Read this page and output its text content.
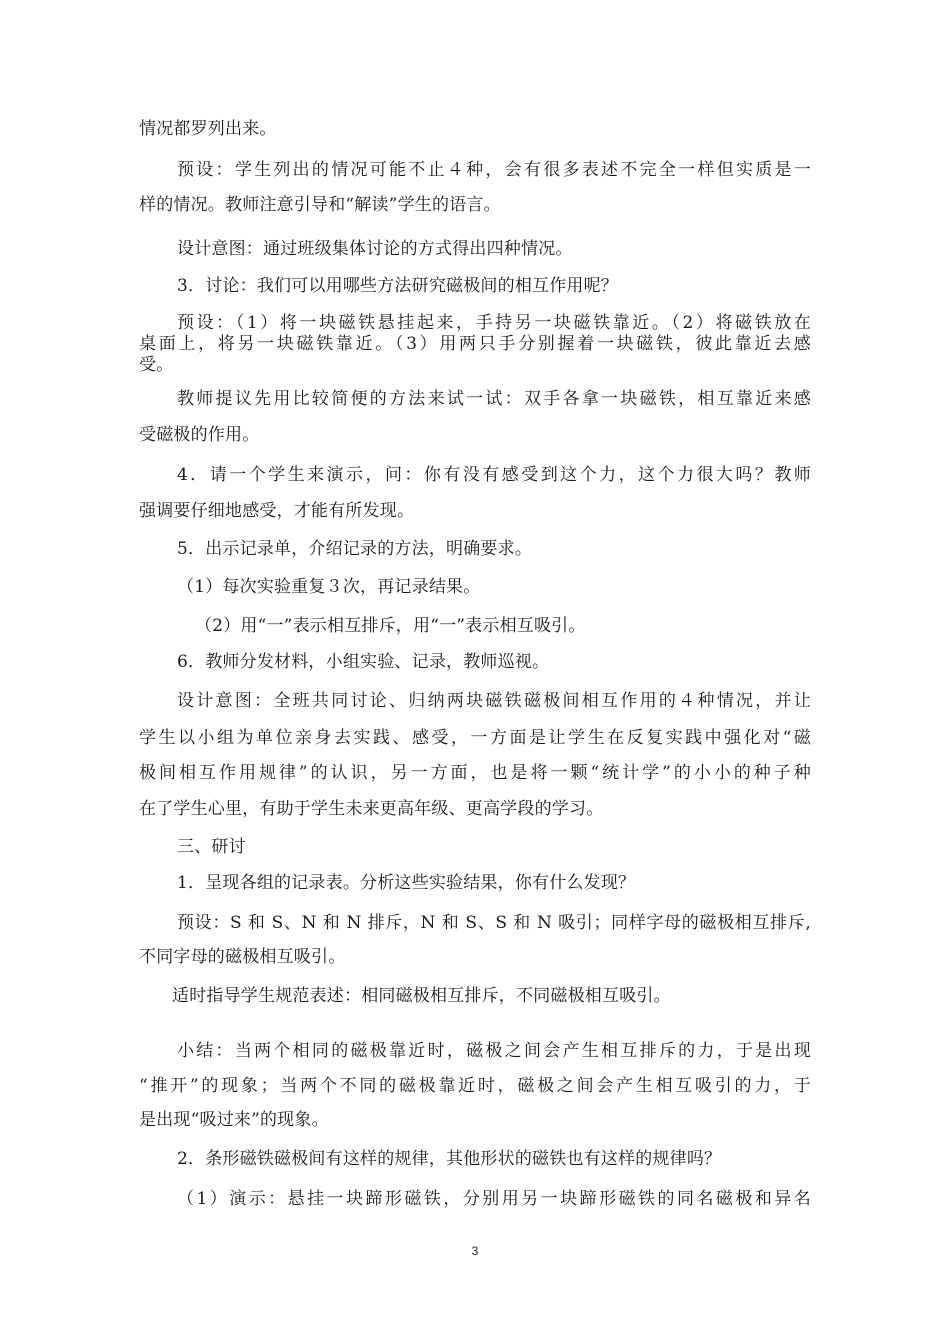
情况都罗列出来。

预设：学生列出的情况可能不止４种，会有很多表述不完全一样但实质是一

样的情况。教师注意引导和“解读”学生的语言。

设计意图：通过班级集体讨论的方式得出四种情况。

3．讨论：我们可以用哪些方法研究磁极间的相互作用呢？

预设：（1）将一块磁铁悬挂起来，手持另一块磁铁靠近。（2）将磁铁放在

桌面上，将另一块磁铁靠近。（3）用两只手分别握着一块磁铁，彼此靠近去感

受。

教师提议先用比较简便的方法来试一试：双手各拿一块磁铁，相互靠近来感

受磁极的作用。

4．请一个学生来演示，问：你有没有感受到这个力，这个力很大吗？教师

强调要仔细地感受，才能有所发现。

5．出示记录单，介绍记录的方法，明确要求。

（1）每次实验重复３次，再记录结果。

（2）用“一”表示相互排斥，用“一”表示相互吸引。

6．教师分发材料，小组实验、记录，教师巡视。

设计意图：全班共同讨论、归纳两块磁铁磁极间相互作用的４种情况，并让

学生以小组为单位亲身去实践、感受，一方面是让学生在反复实践中强化对“磁

极间相互作用规律”的认识，另一方面，也是将一颗“统计学”的小小的种子种

在了学生心里，有助于学生未来更高年级、更高学段的学习。

三、研讨

1．呈现各组的记录表。分析这些实验结果，你有什么发现？

预设：S 和 S、N 和 N 排斥，N 和 S、S 和 N 吸引；同样字母的磁极相互排斥,

不同字母的磁极相互吸引。

适时指导学生规范表述：相同磁极相互排斥，不同磁极相互吸引。

小结：当两个相同的磁极靠近时，磁极之间会产生相互排斥的力，于是出现

“推开”的现象；当两个不同的磁极靠近时，磁极之间会产生相互吸引的力，于

是出现“吸过来”的现象。

2．条形磁铁磁极间有这样的规律，其他形状的磁铁也有这样的规律吗？

（1）演示：悬挂一块蹄形磁铁，分别用另一块蹄形磁铁的同名磁极和异名

3
